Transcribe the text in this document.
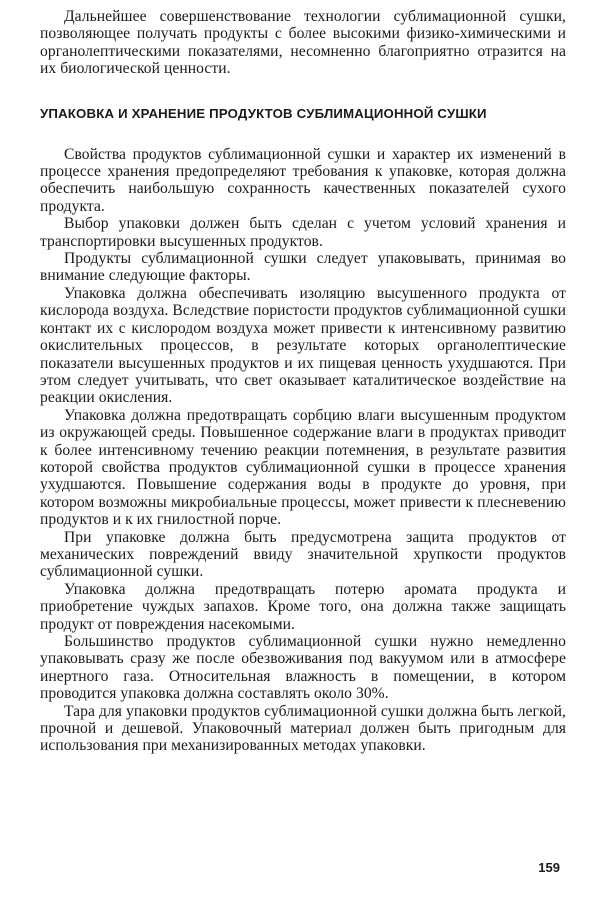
Дальнейшее совершенствование технологии сублимационной сушки, позволяющее получать продукты с более высокими физико-химическими и органолептическими показателями, несомненно благоприятно отразится на их биологической ценности.

УПАКОВКА И ХРАНЕНИЕ ПРОДУКТОВ СУБЛИМАЦИОННОЙ СУШКИ

Свойства продуктов сублимационной сушки и характер их изменений в процессе хранения предопределяют требования к упаковке, которая должна обеспечить наибольшую сохранность качественных показателей сухого продукта.

Выбор упаковки должен быть сделан с учетом условий хранения и транспортировки высушенных продуктов.

Продукты сублимационной сушки следует упаковывать, принимая во внимание следующие факторы.

Упаковка должна обеспечивать изоляцию высушенного продукта от кислорода воздуха. Вследствие пористости продуктов сублимационной сушки контакт их с кислородом воздуха может привести к интенсивному развитию окислительных процессов, в результате которых органолептические показатели высушенных продуктов и их пищевая ценность ухудшаются. При этом следует учитывать, что свет оказывает каталитическое воздействие на реакции окисления.

Упаковка должна предотвращать сорбцию влаги высушенным продуктом из окружающей среды. Повышенное содержание влаги в продуктах приводит к более интенсивному течению реакции потемнения, в результате развития которой свойства продуктов сублимационной сушки в процессе хранения ухудшаются. Повышение содержания воды в продукте до уровня, при котором возможны микробиальные процессы, может привести к плесневению продуктов и к их гнилостной порче.

При упаковке должна быть предусмотрена защита продуктов от механических повреждений ввиду значительной хрупкости продуктов сублимационной сушки.

Упаковка должна предотвращать потерю аромата продукта и приобретение чуждых запахов. Кроме того, она должна также защищать продукт от повреждения насекомыми.

Большинство продуктов сублимационной сушки нужно немедленно упаковывать сразу же после обезвоживания под вакуумом или в атмосфере инертного газа. Относительная влажность в помещении, в котором проводится упаковка должна составлять около 30%.

Тара для упаковки продуктов сублимационной сушки должна быть легкой, прочной и дешевой. Упаковочный материал должен быть пригодным для использования при механизированных методах упаковки.

159
